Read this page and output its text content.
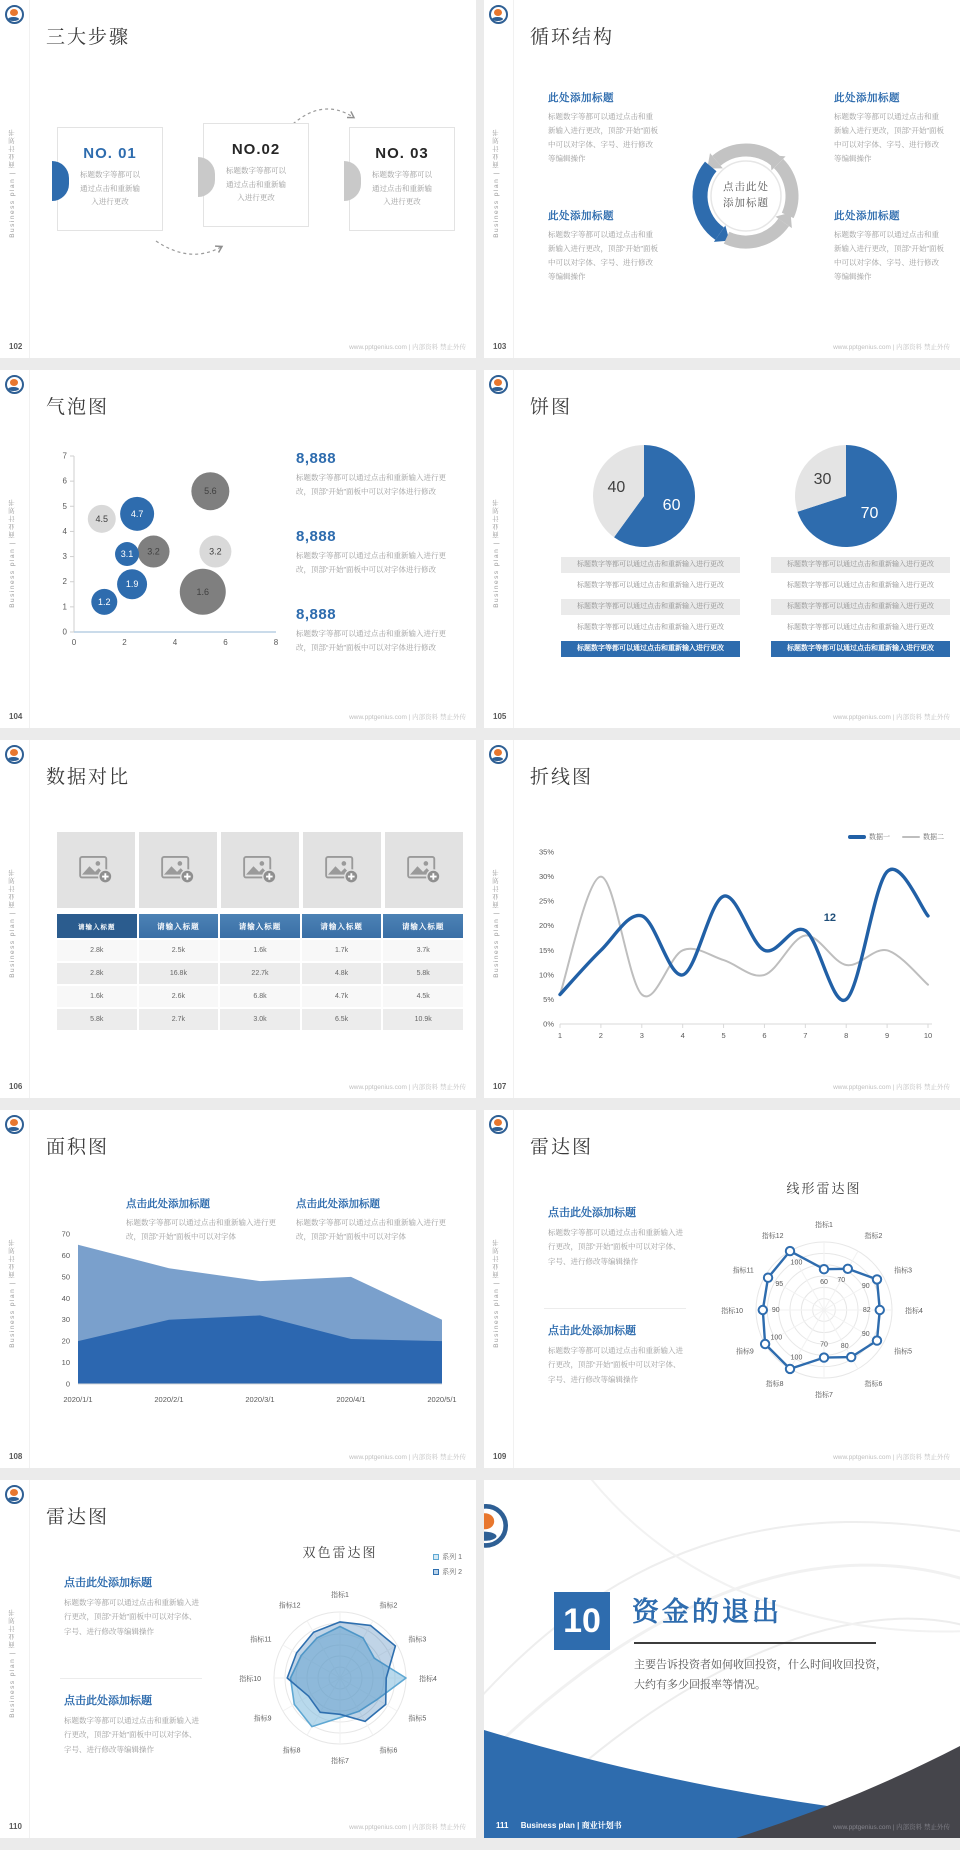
Business plan | 商业计划书
三大步骤
NO. 01
标题数字等都可以通过点击和重新输入进行更改
NO.02
标题数字等都可以通过点击和重新输入进行更改
NO. 03
标题数字等都可以通过点击和重新输入进行更改
102	www.pptgenius.com | 内部资料 禁止外传
Business plan | 商业计划书
循环结构
此处添加标题

标题数字等都可以通过点击和重新输入进行更改，顶部“开始”面板中可以对字体、字号、进行修改等编辑操作

此处添加标题

标题数字等都可以通过点击和重新输入进行更改，顶部“开始”面板中可以对字体、字号、进行修改等编辑操作

此处添加标题

标题数字等都可以通过点击和重新输入进行更改，顶部“开始”面板中可以对字体、字号、进行修改等编辑操作

此处添加标题

标题数字等都可以通过点击和重新输入进行更改，顶部“开始”面板中可以对字体、字号、进行修改等编辑操作

点击此处
添加标题
103	www.pptgenius.com | 内部资料 禁止外传
Business plan | 商业计划书
气泡图
0
1
2
3
4
5
6
7
0	2	4	6	8
4.5
4.7
5.6
3.2
3.1	3.2
1.6
1.9
1.2
8,888
标题数字等都可以通过点击和重新输入进行更改，顶部“开始”面板中可以对字体进行修改
8,888
标题数字等都可以通过点击和重新输入进行更改，顶部“开始”面板中可以对字体进行修改
8,888
标题数字等都可以通过点击和重新输入进行更改，顶部“开始”面板中可以对字体进行修改
104	www.pptgenius.com | 内部资料 禁止外传
Business plan | 商业计划书
饼图
60
40
70
30
标题数字等都可以通过点击和重新输入进行更改
标题数字等都可以通过点击和重新输入进行更改
标题数字等都可以通过点击和重新输入进行更改
标题数字等都可以通过点击和重新输入进行更改
标题数字等都可以通过点击和重新输入进行更改
标题数字等都可以通过点击和重新输入进行更改
标题数字等都可以通过点击和重新输入进行更改
标题数字等都可以通过点击和重新输入进行更改
标题数字等都可以通过点击和重新输入进行更改
标题数字等都可以通过点击和重新输入进行更改
105	www.pptgenius.com | 内部资料 禁止外传
Business plan | 商业计划书
数据对比
请输入标题	请输入标题	请输入标题	请输入标题	请输入标题
2.8k	2.5k	1.6k	1.7k	3.7k
2.8k	16.8k	22.7k	4.8k	5.8k
1.6k	2.6k	6.8k	4.7k	4.5k
5.8k	2.7k	3.0k	6.5k	10.9k
106	www.pptgenius.com | 内部资料 禁止外传
Business plan | 商业计划书
折线图
数据一	数据二
0%
5%
10%
15%
20%
25%
30%
35%
1	2	3	4	5	6	7	8	9	10
12
107	www.pptgenius.com | 内部资料 禁止外传
Business plan | 商业计划书
面积图
点击此处添加标题

标题数字等都可以通过点击和重新输入进行更改，顶部“开始”面板中可以对字体

点击此处添加标题

标题数字等都可以通过点击和重新输入进行更改，顶部“开始”面板中可以对字体

0
10
20
30
40
50
60
70
2020/1/1	2020/2/1	2020/3/1	2020/4/1	2020/5/1
108	www.pptgenius.com | 内部资料 禁止外传
Business plan | 商业计划书
雷达图
点击此处添加标题

标题数字等都可以通过点击和重新输入进行更改，顶部“开始”面板中可以对字体、字号、进行修改等编辑操作

点击此处添加标题

标题数字等都可以通过点击和重新输入进行更改，顶部“开始”面板中可以对字体、字号、进行修改等编辑操作

线形雷达图
指标1
指标2
指标3
指标4
指标5
指标6
指标7
指标8
指标9
指标10
指标11
指标12
60 70
90
82
90
80
70
100
100
90
95
100
109	www.pptgenius.com | 内部资料 禁止外传
Business plan | 商业计划书
雷达图
点击此处添加标题

标题数字等都可以通过点击和重新输入进行更改，顶部“开始”面板中可以对字体、字号、进行修改等编辑操作

点击此处添加标题

标题数字等都可以通过点击和重新输入进行更改，顶部“开始”面板中可以对字体、字号、进行修改等编辑操作

双色雷达图	系列 1
系列 2
指标1
指标2
指标3
指标4
指标5
指标6
指标7
指标8
指标9
指标10
指标11
指标12
110	www.pptgenius.com | 内部资料 禁止外传
10	资金的退出
主要告诉投资者如何收回投资，什么时间收回投资，大约有多少回报率等情况。
111 Business plan | 商业计划书	www.pptgenius.com | 内部资料 禁止外传
